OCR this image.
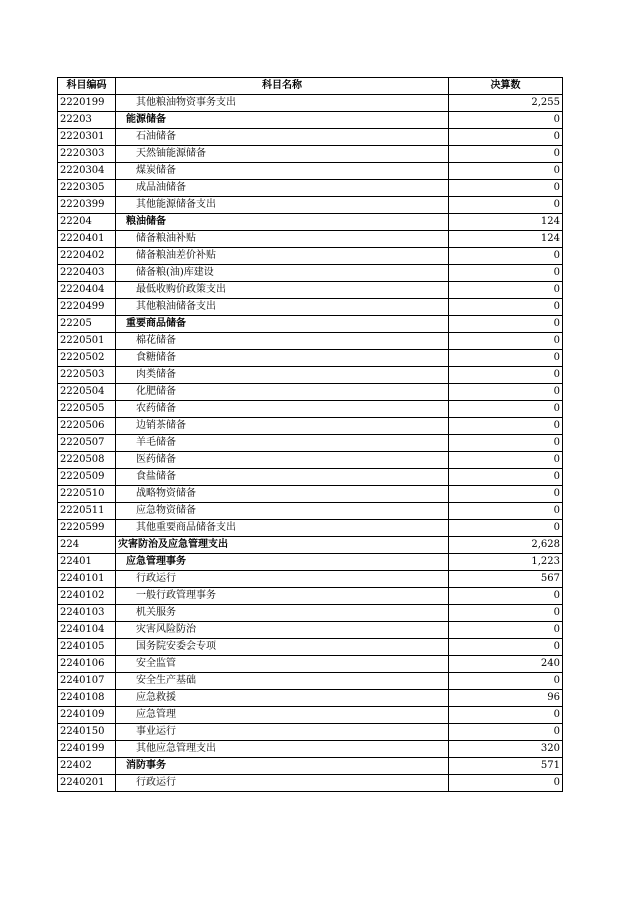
科目编码	科目名称	决算数
2220199	其他粮油物资事务支出	2,255
22203	能源储备	0
2220301	石油储备	0
2220303	天然铀能源储备	0
2220304	煤炭储备	0
2220305	成品油储备	0
2220399	其他能源储备支出	0
22204	粮油储备	124
2220401	储备粮油补贴	124
2220402	储备粮油差价补贴	0
2220403	储备粮(油)库建设	0
2220404	最低收购价政策支出	0
2220499	其他粮油储备支出	0
22205	重要商品储备	0
2220501	棉花储备	0
2220502	食糖储备	0
2220503	肉类储备	0
2220504	化肥储备	0
2220505	农药储备	0
2220506	边销茶储备	0
2220507	羊毛储备	0
2220508	医药储备	0
2220509	食盐储备	0
2220510	战略物资储备	0
2220511	应急物资储备	0
2220599	其他重要商品储备支出	0
224	灾害防治及应急管理支出	2,628
22401	应急管理事务	1,223
2240101	行政运行	567
2240102	一般行政管理事务	0
2240103	机关服务	0
2240104	灾害风险防治	0
2240105	国务院安委会专项	0
2240106	安全监管	240
2240107	安全生产基础	0
2240108	应急救援	96
2240109	应急管理	0
2240150	事业运行	0
2240199	其他应急管理支出	320
22402	消防事务	571
2240201	行政运行	0
